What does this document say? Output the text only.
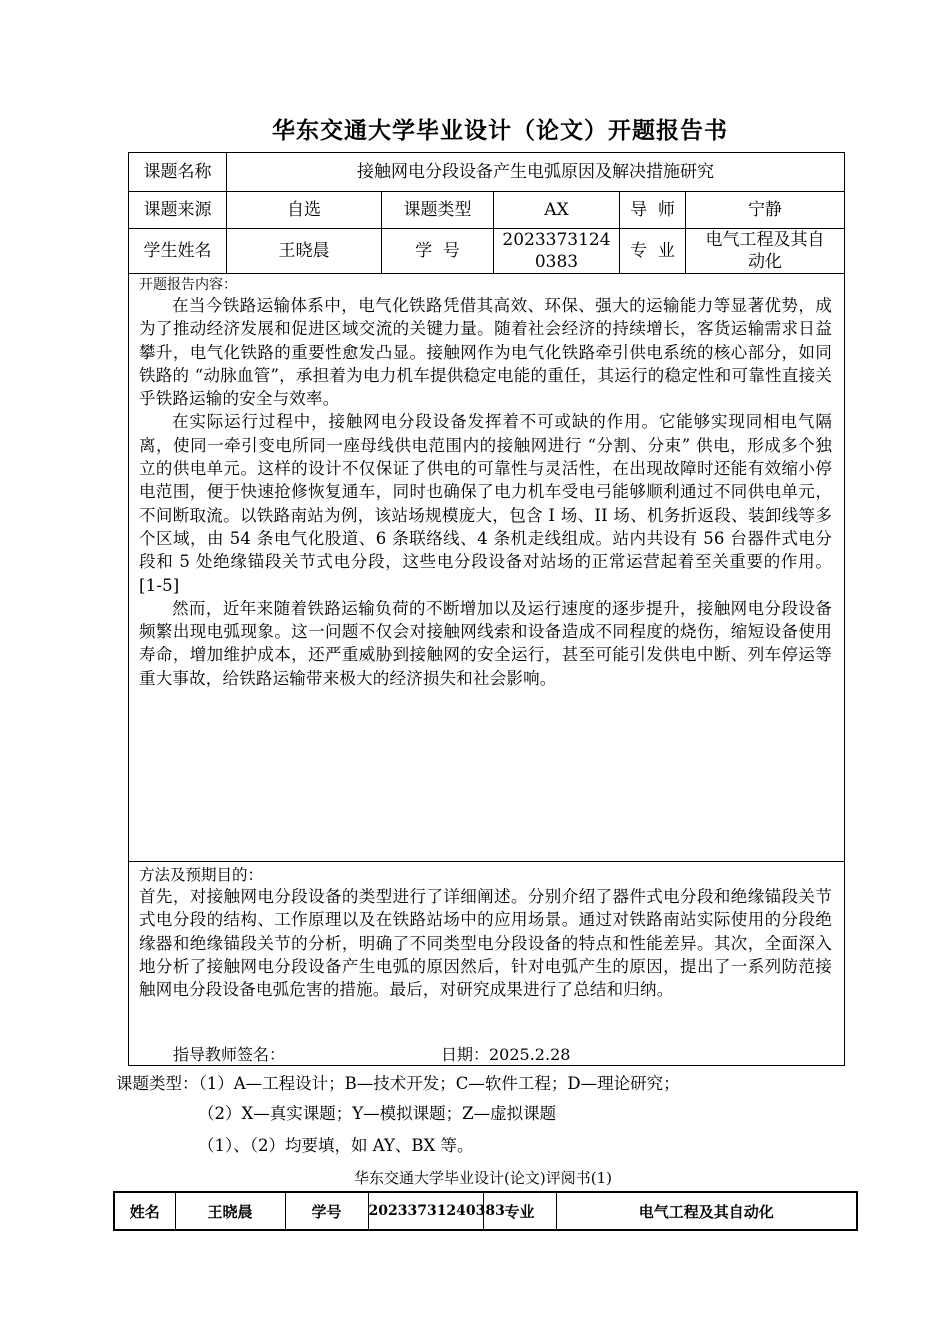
华东交通大学毕业设计（论文）开题报告书
课题名称	接触网电分段设备产生电弧原因及解决措施研究				
课题来源	自选	课题类型	AX	导  师	宁静
学生姓名	王晓晨	学  号	20233731240383	专  业	电气工程及其自动化

开题报告内容：

在当今铁路运输体系中，电气化铁路凭借其高效、环保、强大的运输能力等显著优势，成为了推动经济发展和促进区域交流的关键力量。随着社会经济的持续增长，客货运输需求日益攀升，电气化铁路的重要性愈发凸显。接触网作为电气化铁路牵引供电系统的核心部分，如同铁路的 “动脉血管”，承担着为电力机车提供稳定电能的重任，其运行的稳定性和可靠性直接关乎铁路运输的安全与效率。

在实际运行过程中，接触网电分段设备发挥着不可或缺的作用。它能够实现同相电气隔离，使同一牵引变电所同一座母线供电范围内的接触网进行 “分割、分束” 供电，形成多个独立的供电单元。这样的设计不仅保证了供电的可靠性与灵活性，在出现故障时还能有效缩小停电范围，便于快速抢修恢复通车，同时也确保了电力机车受电弓能够顺利通过不同供电单元，不间断取流。以铁路南站为例，该站场规模庞大，包含 I 场、II 场、机务折返段、装卸线等多个区域，由 54 条电气化股道、6 条联络线、4 条机走线组成。站内共设有 56 台器件式电分段和 5 处绝缘锚段关节式电分段，这些电分段设备对站场的正常运营起着至关重要的作用。[1-5]

然而，近年来随着铁路运输负荷的不断增加以及运行速度的逐步提升，接触网电分段设备频繁出现电弧现象。这一问题不仅会对接触网线索和设备造成不同程度的烧伤，缩短设备使用寿命，增加维护成本，还严重威胁到接触网的安全运行，甚至可能引发供电中断、列车停运等重大事故，给铁路运输带来极大的经济损失和社会影响。					

方法及预期目的：

首先，对接触网电分段设备的类型进行了详细阐述。分别介绍了器件式电分段和绝缘锚段关节式电分段的结构、工作原理以及在铁路站场中的应用场景。通过对铁路南站实际使用的分段绝缘器和绝缘锚段关节的分析，明确了不同类型电分段设备的特点和性能差异。其次，全面深入地分析了接触网电分段设备产生电弧的原因然后，针对电弧产生的原因，提出了一系列防范接触网电分段设备电弧危害的措施。最后，对研究成果进行了总结和归纳。

指导教师签名： 日期：2025.2.28					
课题类型：（1）A—工程设计；B—技术开发；C—软件工程；D—理论研究；
（2）X—真实课题；Y—模拟课题；Z—虚拟课题
（1）、（2）均要填，如 AY、BX 等。
华东交通大学毕业设计(论文)评阅书(1)
姓名	王晓晨	学号	20233731240383	专业	电气工程及其自动化
